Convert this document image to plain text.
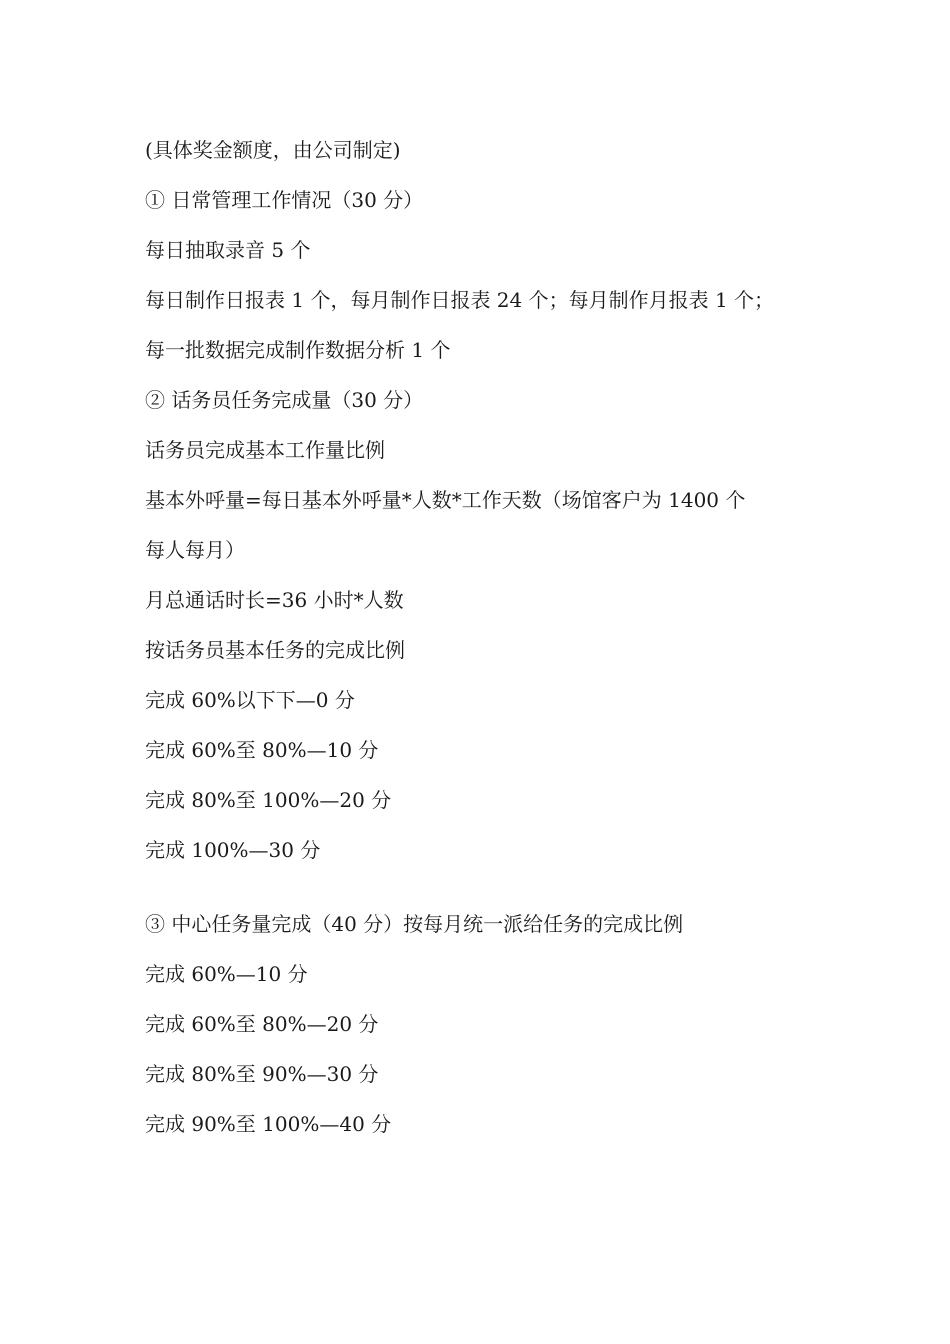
(具体奖金额度，由公司制定)
① 日常管理工作情况（30 分）
每日抽取录音 5 个
每日制作日报表 1 个，每月制作日报表 24 个；每月制作月报表 1 个；
每一批数据完成制作数据分析 1 个
② 话务员任务完成量（30 分）
话务员完成基本工作量比例
基本外呼量=每日基本外呼量*人数*工作天数（场馆客户为 1400 个
每人每月）
月总通话时长=36 小时*人数
按话务员基本任务的完成比例
完成 60%以下下—0 分
完成 60%至 80%—10 分
完成 80%至 100%—20 分
完成 100%—30 分
③ 中心任务量完成（40 分）按每月统一派给任务的完成比例
完成 60%—10 分
完成 60%至 80%—20 分
完成 80%至 90%—30 分
完成 90%至 100%—40 分
